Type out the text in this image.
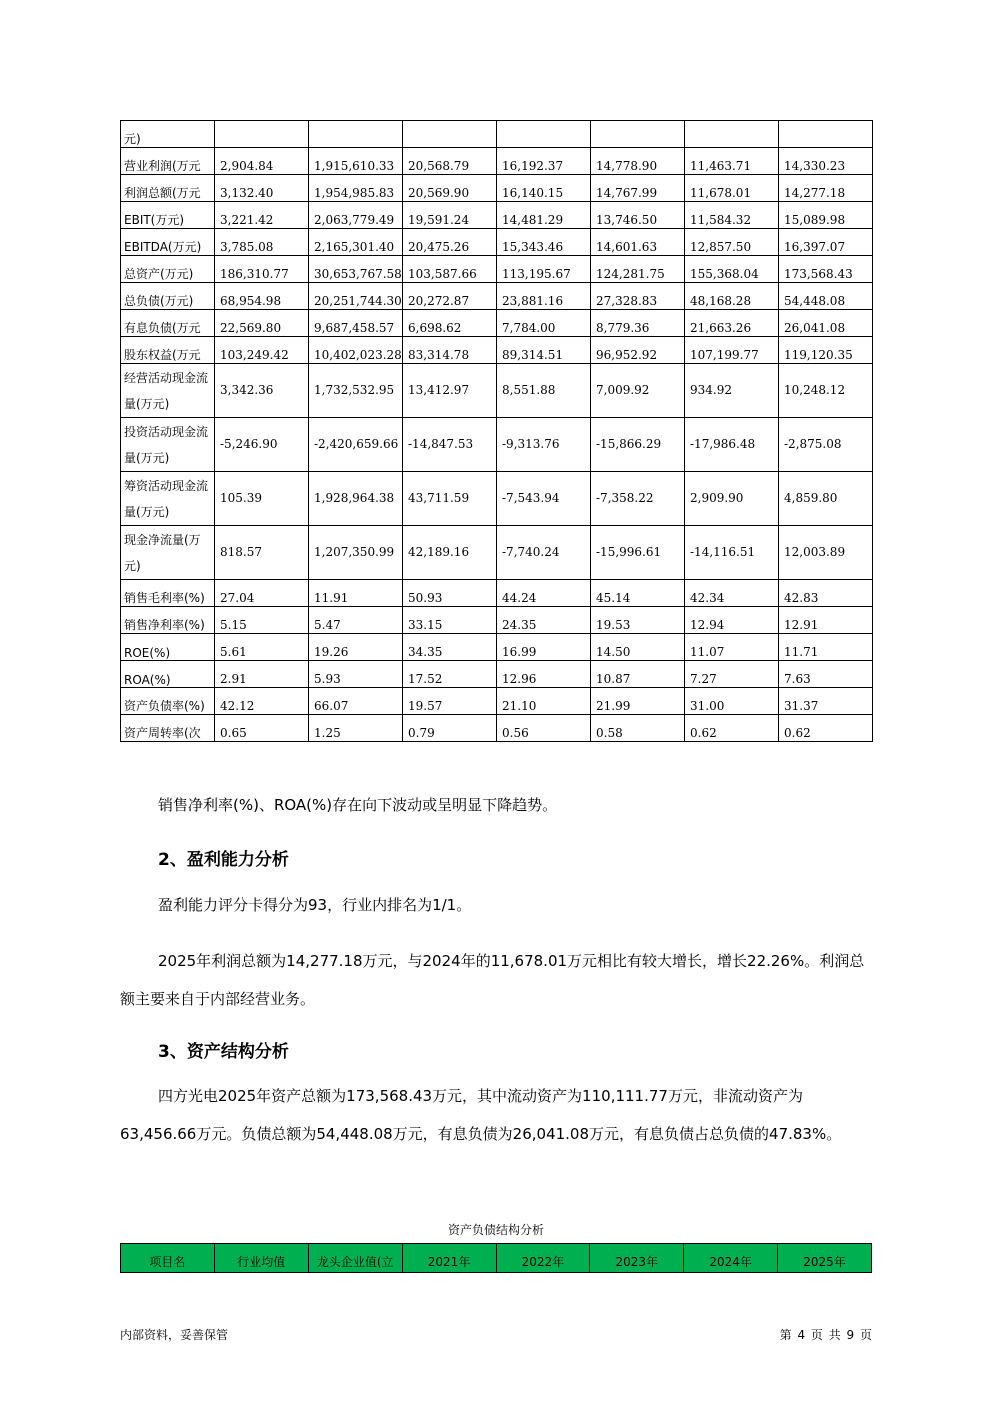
元)							
营业利润(万元	2,904.84	1,915,610.33	20,568.79	16,192.37	14,778.90	11,463.71	14,330.23
利润总额(万元	3,132.40	1,954,985.83	20,569.90	16,140.15	14,767.99	11,678.01	14,277.18
EBIT(万元)	3,221.42	2,063,779.49	19,591.24	14,481.29	13,746.50	11,584.32	15,089.98
EBITDA(万元)	3,785.08	2,165,301.40	20,475.26	15,343.46	14,601.63	12,857.50	16,397.07
总资产(万元)	186,310.77	30,653,767.58	103,587.66	113,195.67	124,281.75	155,368.04	173,568.43
总负债(万元)	68,954.98	20,251,744.30	20,272.87	23,881.16	27,328.83	48,168.28	54,448.08
有息负债(万元	22,569.80	9,687,458.57	6,698.62	7,784.00	8,779.36	21,663.26	26,041.08
股东权益(万元	103,249.42	10,402,023.28	83,314.78	89,314.51	96,952.92	107,199.77	119,120.35
经营活动现金流量(万元)	3,342.36	1,732,532.95	13,412.97	8,551.88	7,009.92	934.92	10,248.12
投资活动现金流量(万元)	-5,246.90	-2,420,659.66	-14,847.53	-9,313.76	-15,866.29	-17,986.48	-2,875.08
筹资活动现金流量(万元)	105.39	1,928,964.38	43,711.59	-7,543.94	-7,358.22	2,909.90	4,859.80
现金净流量(万元)	818.57	1,207,350.99	42,189.16	-7,740.24	-15,996.61	-14,116.51	12,003.89
销售毛利率(%)	27.04	11.91	50.93	44.24	45.14	42.34	42.83
销售净利率(%)	5.15	5.47	33.15	24.35	19.53	12.94	12.91
ROE(%)	5.61	19.26	34.35	16.99	14.50	11.07	11.71
ROA(%)	2.91	5.93	17.52	12.96	10.87	7.27	7.63
资产负债率(%)	42.12	66.07	19.57	21.10	21.99	31.00	31.37
资产周转率(次	0.65	1.25	0.79	0.56	0.58	0.62	0.62

销售净利率(%)、ROA(%)存在向下波动或呈明显下降趋势。

2、盈利能力分析

盈利能力评分卡得分为93，行业内排名为1/1。

2025年利润总额为14,277.18万元，与2024年的11,678.01万元相比有较大增长，增长22.26%。利润总额主要来自于内部经营业务。

3、资产结构分析

四方光电2025年资产总额为173,568.43万元，其中流动资产为110,111.77万元，非流动资产为63,456.66万元。负债总额为54,448.08万元，有息负债为26,041.08万元，有息负债占总负债的47.83%。

资产负债结构分析

项目名	行业均值	龙头企业值(立	2021年	2022年	2023年	2024年	2025年

内部资料，妥善保管	第 4 页 共 9 页
